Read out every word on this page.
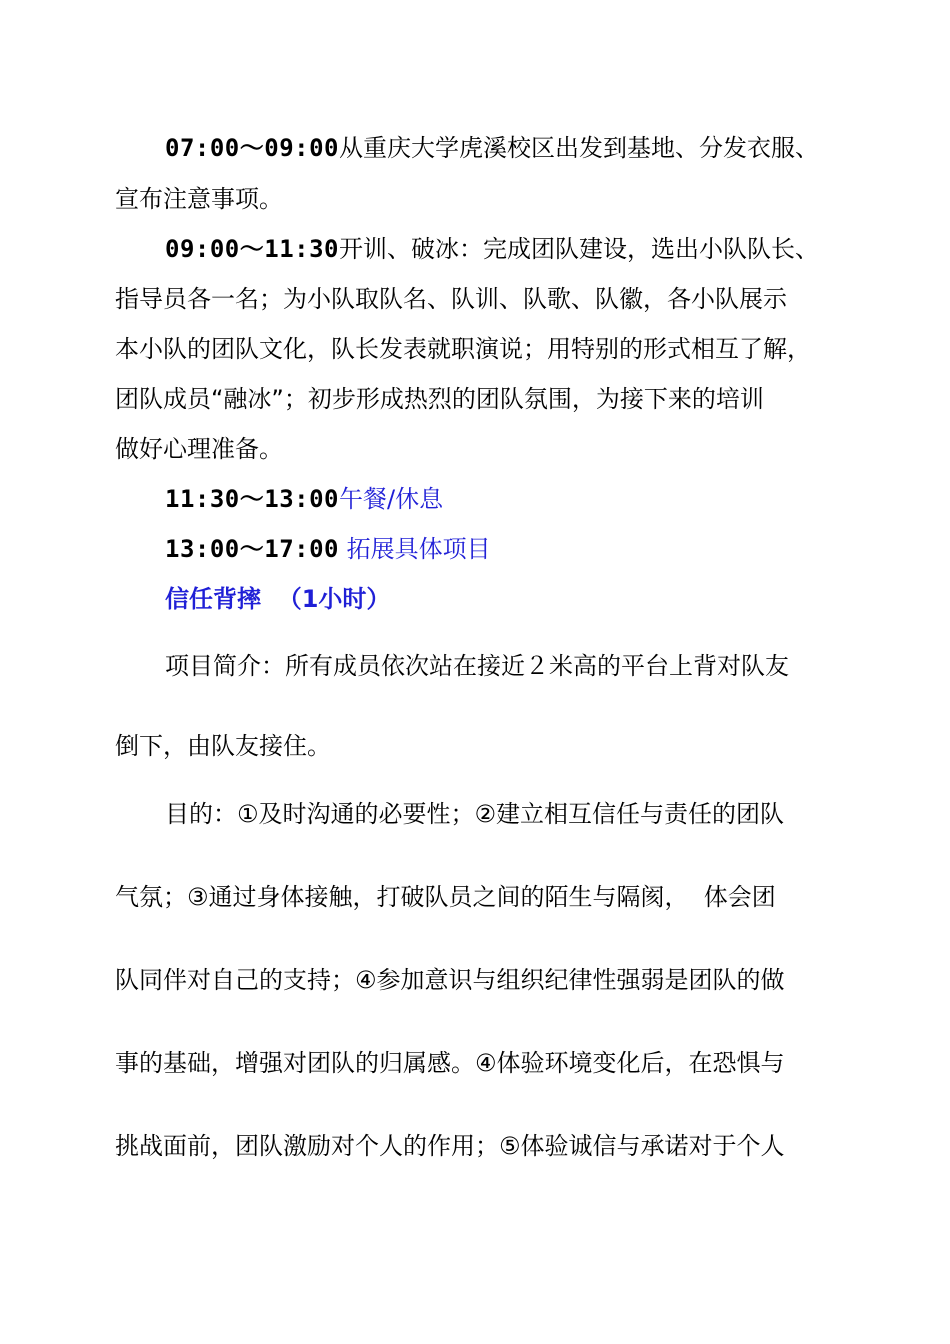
07:00～09:00从重庆大学虎溪校区出发到基地、分发衣服、
宣布注意事项。
09:00～11:30开训、破冰：完成团队建设，选出小队队长、
指导员各一名；为小队取队名、队训、队歌、队徽，各小队展示
本小队的团队文化，队长发表就职演说；用特别的形式相互了解，
团队成员“融冰”；初步形成热烈的团队氛围，为接下来的培训
做好心理准备。
11:30～13:00午餐/休息
13:00～17:00 拓展具体项目
信任背摔  （1小时）
项目简介：所有成员依次站在接近２米高的平台上背对队友
倒下，由队友接住。
目的：①及时沟通的必要性；②建立相互信任与责任的团队
气氛；③通过身体接触，打破队员之间的陌生与隔阂，  体会团
队同伴对自己的支持；④参加意识与组织纪律性强弱是团队的做
事的基础，增强对团队的归属感。④体验环境变化后，在恐惧与
挑战面前，团队激励对个人的作用；⑤体验诚信与承诺对于个人
